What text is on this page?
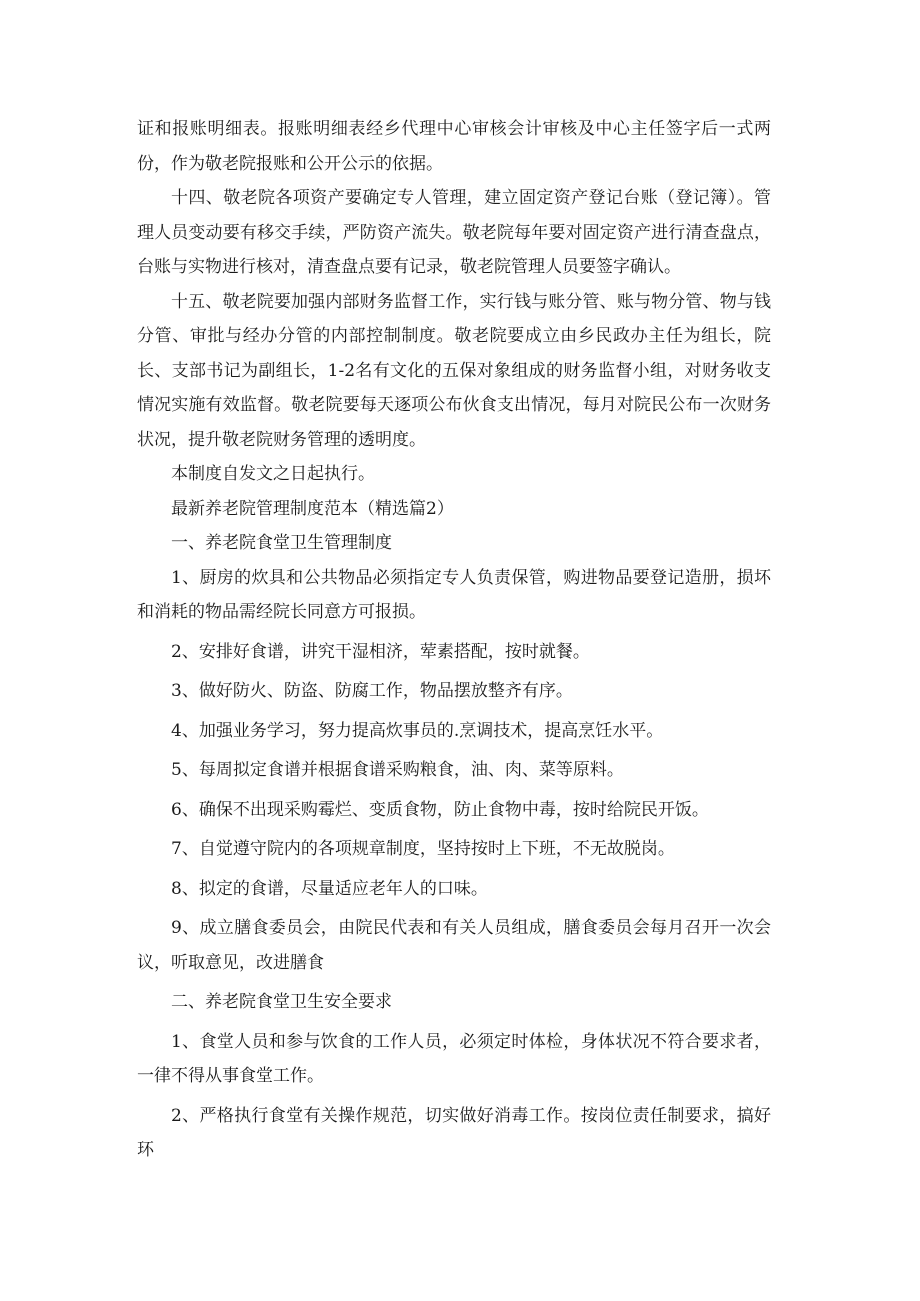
证和报账明细表。报账明细表经乡代理中心审核会计审核及中心主任签字后一式两份，作为敬老院报账和公开公示的依据。

十四、敬老院各项资产要确定专人管理，建立固定资产登记台账（登记簿）。管理人员变动要有移交手续，严防资产流失。敬老院每年要对固定资产进行清查盘点，台账与实物进行核对，清查盘点要有记录，敬老院管理人员要签字确认。

十五、敬老院要加强内部财务监督工作，实行钱与账分管、账与物分管、物与钱分管、审批与经办分管的内部控制制度。敬老院要成立由乡民政办主任为组长，院长、支部书记为副组长，1-2名有文化的五保对象组成的财务监督小组，对财务收支情况实施有效监督。敬老院要每天逐项公布伙食支出情况，每月对院民公布一次财务状况，提升敬老院财务管理的透明度。

本制度自发文之日起执行。

最新养老院管理制度范本（精选篇2）

一、养老院食堂卫生管理制度

1、厨房的炊具和公共物品必须指定专人负责保管，购进物品要登记造册，损坏和消耗的物品需经院长同意方可报损。

2、安排好食谱，讲究干湿相济，荤素搭配，按时就餐。

3、做好防火、防盗、防腐工作，物品摆放整齐有序。

4、加强业务学习，努力提高炊事员的.烹调技术，提高烹饪水平。

5、每周拟定食谱并根据食谱采购粮食，油、肉、菜等原料。

6、确保不出现采购霉烂、变质食物，防止食物中毒，按时给院民开饭。

7、自觉遵守院内的各项规章制度，坚持按时上下班，不无故脱岗。

8、拟定的食谱，尽量适应老年人的口味。

9、成立膳食委员会，由院民代表和有关人员组成，膳食委员会每月召开一次会议，听取意见，改进膳食

二、养老院食堂卫生安全要求

1、食堂人员和参与饮食的工作人员，必须定时体检，身体状况不符合要求者，一律不得从事食堂工作。

2、严格执行食堂有关操作规范，切实做好消毒工作。按岗位责任制要求，搞好环
